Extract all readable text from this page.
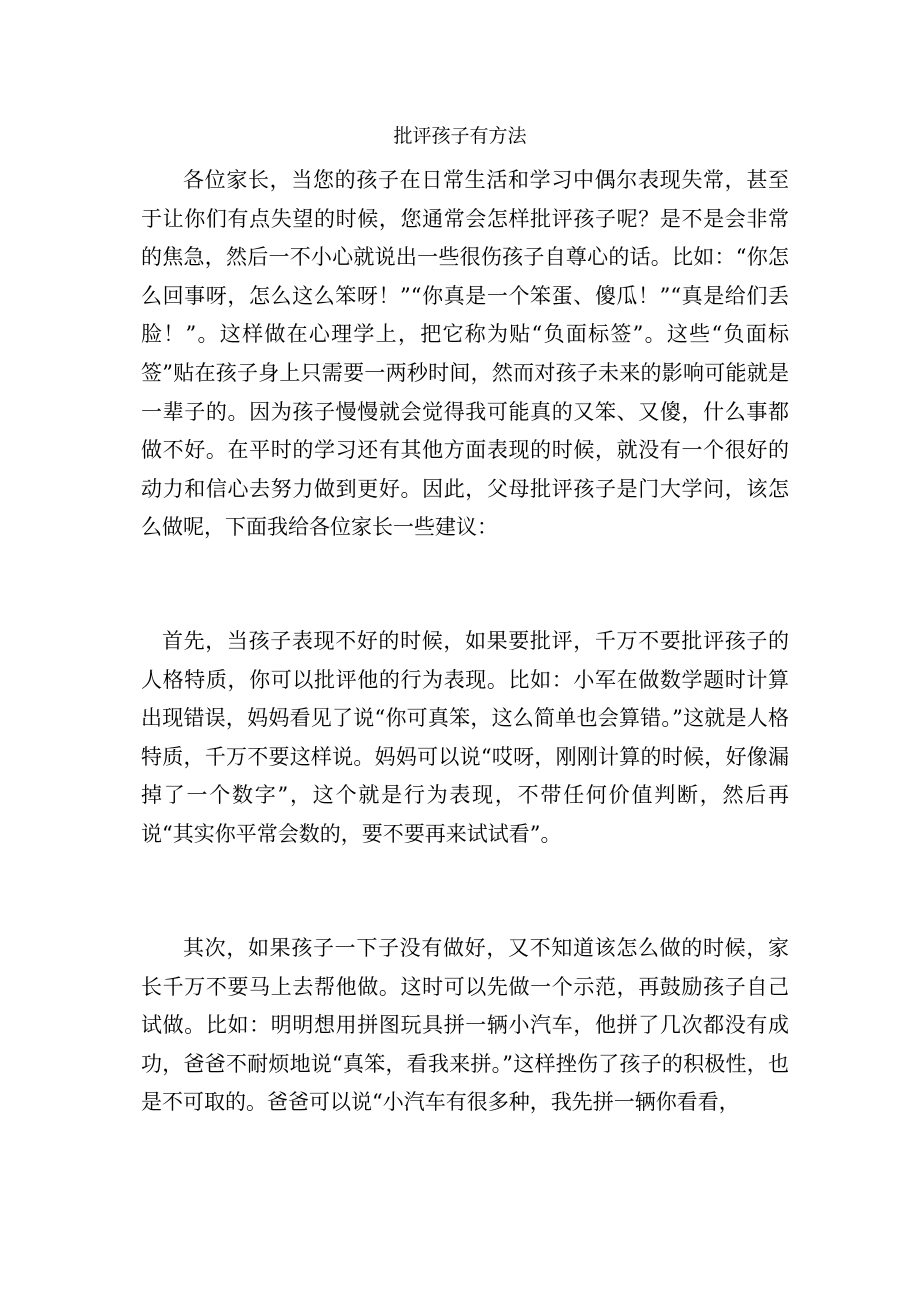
批评孩子有方法

各位家长，当您的孩子在日常生活和学习中偶尔表现失常，甚至于让你们有点失望的时候，您通常会怎样批评孩子呢？是不是会非常的焦急，然后一不小心就说出一些很伤孩子自尊心的话。比如：“你怎么回事呀，怎么这么笨呀！”“你真是一个笨蛋、傻瓜！”“真是给们丢脸！”。这样做在心理学上，把它称为贴“负面标签”。这些“负面标签”贴在孩子身上只需要一两秒时间，然而对孩子未来的影响可能就是一辈子的。因为孩子慢慢就会觉得我可能真的又笨、又傻，什么事都做不好。在平时的学习还有其他方面表现的时候，就没有一个很好的动力和信心去努力做到更好。因此，父母批评孩子是门大学问，该怎么做呢，下面我给各位家长一些建议：

首先，当孩子表现不好的时候，如果要批评，千万不要批评孩子的人格特质，你可以批评他的行为表现。比如：小军在做数学题时计算出现错误，妈妈看见了说“你可真笨，这么简单也会算错。”这就是人格特质，千万不要这样说。妈妈可以说“哎呀，刚刚计算的时候，好像漏掉了一个数字”，这个就是行为表现，不带任何价值判断，然后再说“其实你平常会数的，要不要再来试试看”。

其次，如果孩子一下子没有做好，又不知道该怎么做的时候，家长千万不要马上去帮他做。这时可以先做一个示范，再鼓励孩子自己试做。比如：明明想用拼图玩具拼一辆小汽车，他拼了几次都没有成功，爸爸不耐烦地说“真笨，看我来拼。”这样挫伤了孩子的积极性，也是不可取的。爸爸可以说“小汽车有很多种，我先拼一辆你看看，
